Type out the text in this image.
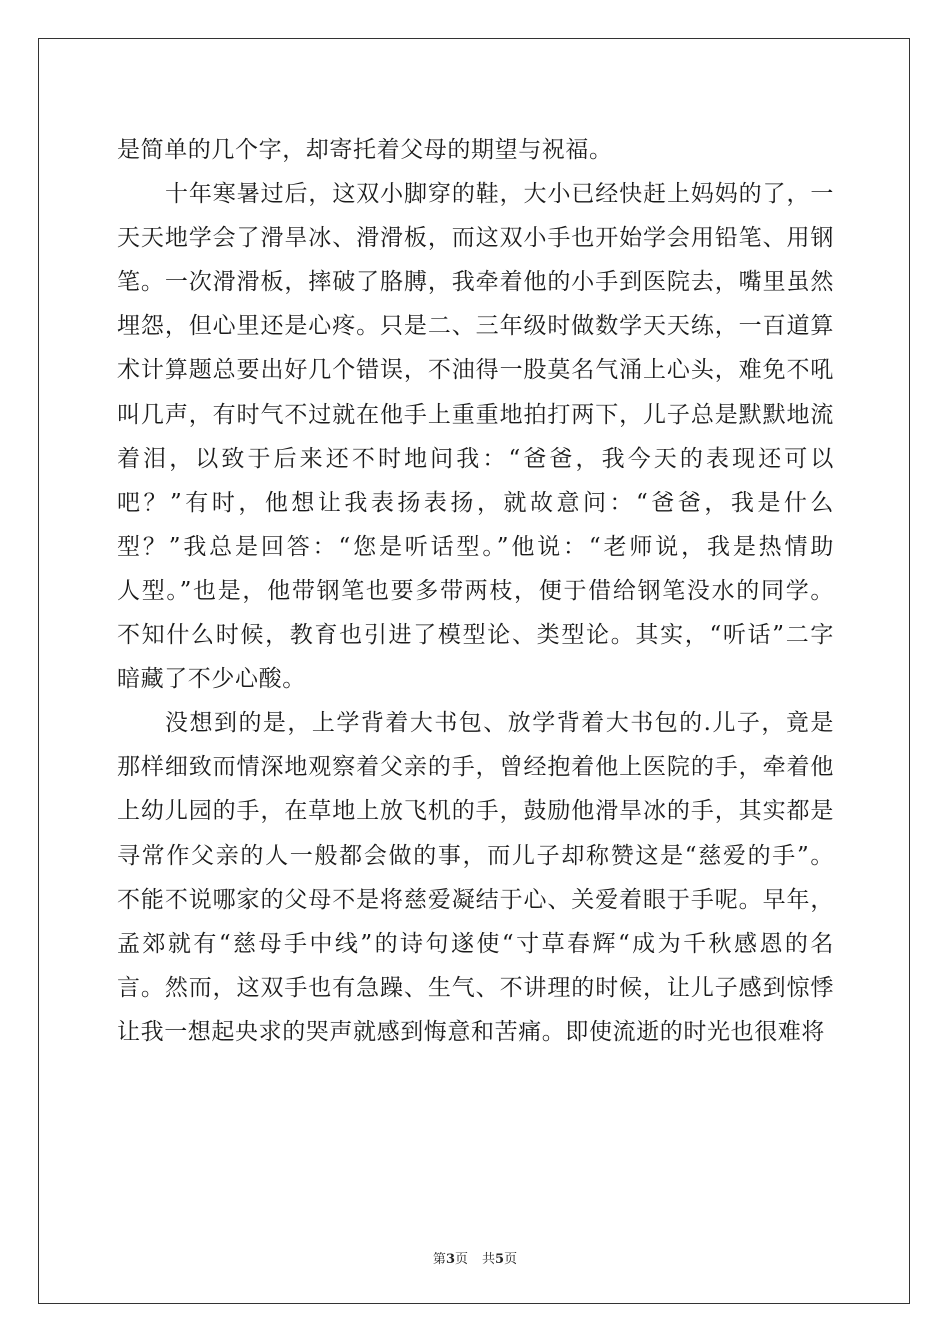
是简单的几个字，却寄托着父母的期望与祝福。
十年寒暑过后，这双小脚穿的鞋，大小已经快赶上妈妈的了，一
天天地学会了滑旱冰、滑滑板，而这双小手也开始学会用铅笔、用钢
笔。一次滑滑板，摔破了胳膊，我牵着他的小手到医院去，嘴里虽然
埋怨，但心里还是心疼。只是二、三年级时做数学天天练，一百道算
术计算题总要出好几个错误，不油得一股莫名气涌上心头，难免不吼
叫几声，有时气不过就在他手上重重地拍打两下，儿子总是默默地流
着泪，以致于后来还不时地问我：“爸爸，我今天的表现还可以
吧？”有时，他想让我表扬表扬，就故意问：“爸爸，我是什么
型？”我总是回答：“您是听话型。”他说：“老师说，我是热情助
人型。”也是，他带钢笔也要多带两枝，便于借给钢笔没水的同学。
不知什么时候，教育也引进了模型论、类型论。其实，“听话”二字
暗藏了不少心酸。
没想到的是，上学背着大书包、放学背着大书包的.儿子，竟是
那样细致而情深地观察着父亲的手，曾经抱着他上医院的手，牵着他
上幼儿园的手，在草地上放飞机的手，鼓励他滑旱冰的手，其实都是
寻常作父亲的人一般都会做的事，而儿子却称赞这是“慈爱的手”。
不能不说哪家的父母不是将慈爱凝结于心、关爱着眼于手呢。早年，
孟郊就有“慈母手中线”的诗句遂使“寸草春辉“成为千秋感恩的名
言。然而，这双手也有急躁、生气、不讲理的时候，让儿子感到惊悸
让我一想起央求的哭声就感到悔意和苦痛。即使流逝的时光也很难将
第3页 共5页
